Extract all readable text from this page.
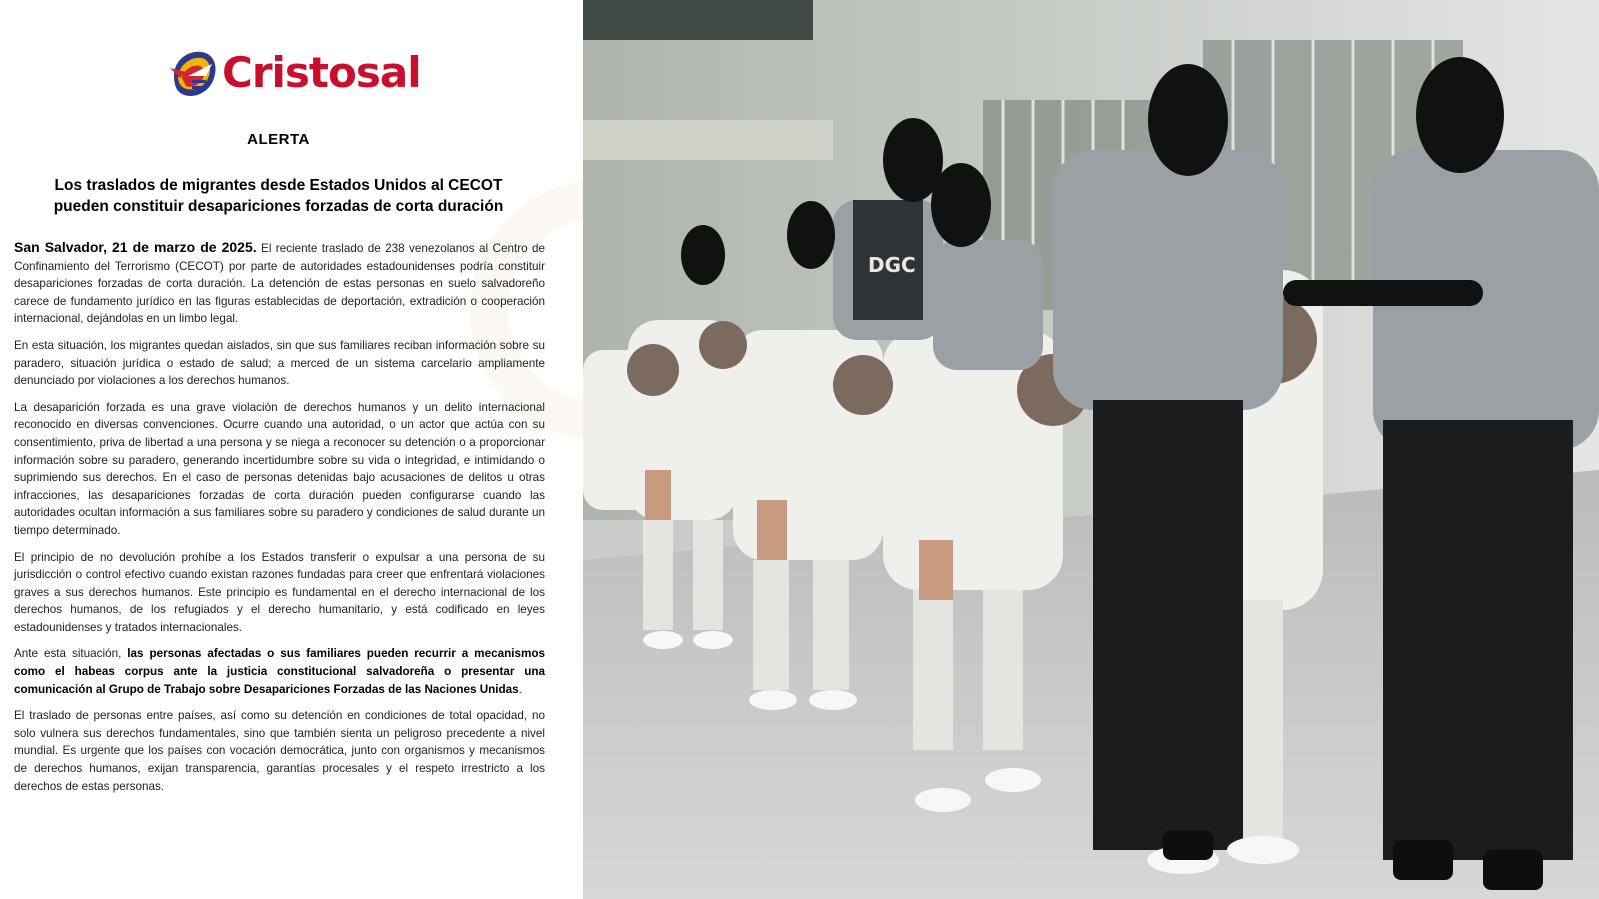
Cristosal
ALERTA
Los traslados de migrantes desde Estados Unidos al CECOT
pueden constituir desapariciones forzadas de corta duración

San Salvador, 21 de marzo de 2025. El reciente traslado de 238 venezolanos al Centro de Confinamiento del Terrorismo (CECOT) por parte de autoridades estadounidenses podría constituir desapariciones forzadas de corta duración. La detención de estas personas en suelo salvadoreño carece de fundamento jurídico en las figuras establecidas de deportación, extradición o cooperación internacional, dejándolas en un limbo legal.

En esta situación, los migrantes quedan aislados, sin que sus familiares reciban información sobre su paradero, situación jurídica o estado de salud; a merced de un sistema carcelario ampliamente denunciado por violaciones a los derechos humanos.

La desaparición forzada es una grave violación de derechos humanos y un delito internacional reconocido en diversas convenciones. Ocurre cuando una autoridad, o un actor que actúa con su consentimiento, priva de libertad a una persona y se niega a reconocer su detención o a proporcionar información sobre su paradero, generando incertidumbre sobre su vida o integridad, e intimidando o suprimiendo sus derechos. En el caso de personas detenidas bajo acusaciones de delitos u otras infracciones, las desapariciones forzadas de corta duración pueden configurarse cuando las autoridades ocultan información a sus familiares sobre su paradero y condiciones de salud durante un tiempo determinado.

El principio de no devolución prohíbe a los Estados transferir o expulsar a una persona de su jurisdicción o control efectivo cuando existan razones fundadas para creer que enfrentará violaciones graves a sus derechos humanos. Este principio es fundamental en el derecho internacional de los derechos humanos, de los refugiados y el derecho humanitario, y está codificado en leyes estadounidenses y tratados internacionales.

Ante esta situación, las personas afectadas o sus familiares pueden recurrir a mecanismos como el habeas corpus ante la justicia constitucional salvadoreña o presentar una comunicación al Grupo de Trabajo sobre Desapariciones Forzadas de las Naciones Unidas.

El traslado de personas entre países, así como su detención en condiciones de total opacidad, no solo vulnera sus derechos fundamentales, sino que también sienta un peligroso precedente a nivel mundial. Es urgente que los países con vocación democrática, junto con organismos y mecanismos de derechos humanos, exijan transparencia, garantías procesales y el respeto irrestricto a los derechos de estas personas.

DGC
